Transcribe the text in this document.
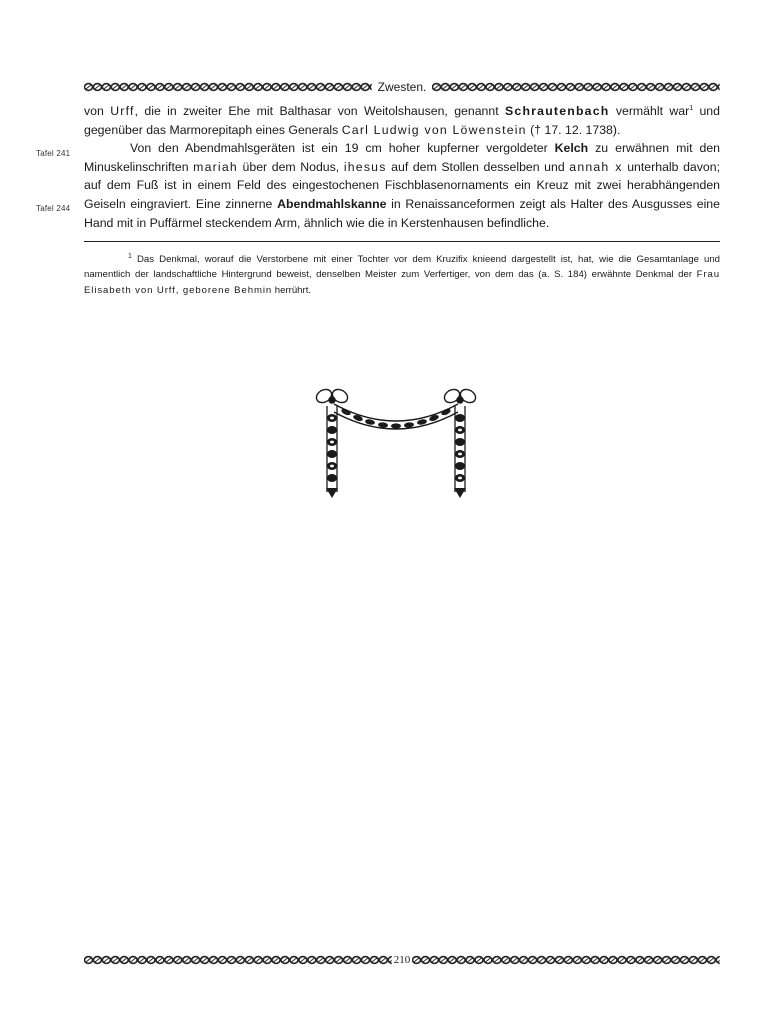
Zwesten.
Tafel 241
Tafel 244

von Urff, die in zweiter Ehe mit Balthasar von Weitolshausen, genannt Schrautenbach vermählt war$^1$ und gegenüber das Marmorepitaph eines Generals Carl Ludwig von Löwenstein († 17. 12. 1738).

Von den Abendmahlsgeräten ist ein 19 cm hoher kupferner vergoldeter Kelch zu erwähnen mit den Minuskelinschriften mariah über dem Nodus, ihesus auf dem Stollen desselben und annah x unterhalb davon; auf dem Fuß ist in einem Feld des eingestochenen Fischblasenornaments ein Kreuz mit zwei herabhängenden Geiseln eingraviert. Eine zinnerne Abendmahlskanne in Renaissanceformen zeigt als Halter des Ausgusses eine Hand mit in Puffärmel steckendem Arm, ähnlich wie die in Kerstenhausen befindliche.

$^1$ Das Denkmal, worauf die Verstorbene mit einer Tochter vor dem Kruzifix knieend dargestellt ist, hat, wie die Gesamtanlage und namentlich der landschaftliche Hintergrund beweist, denselben Meister zum Verfertiger, von dem das (a. S. 184) erwähnte Denkmal der Frau Elisabeth von Urff, geborene Behmin herrührt.
210
